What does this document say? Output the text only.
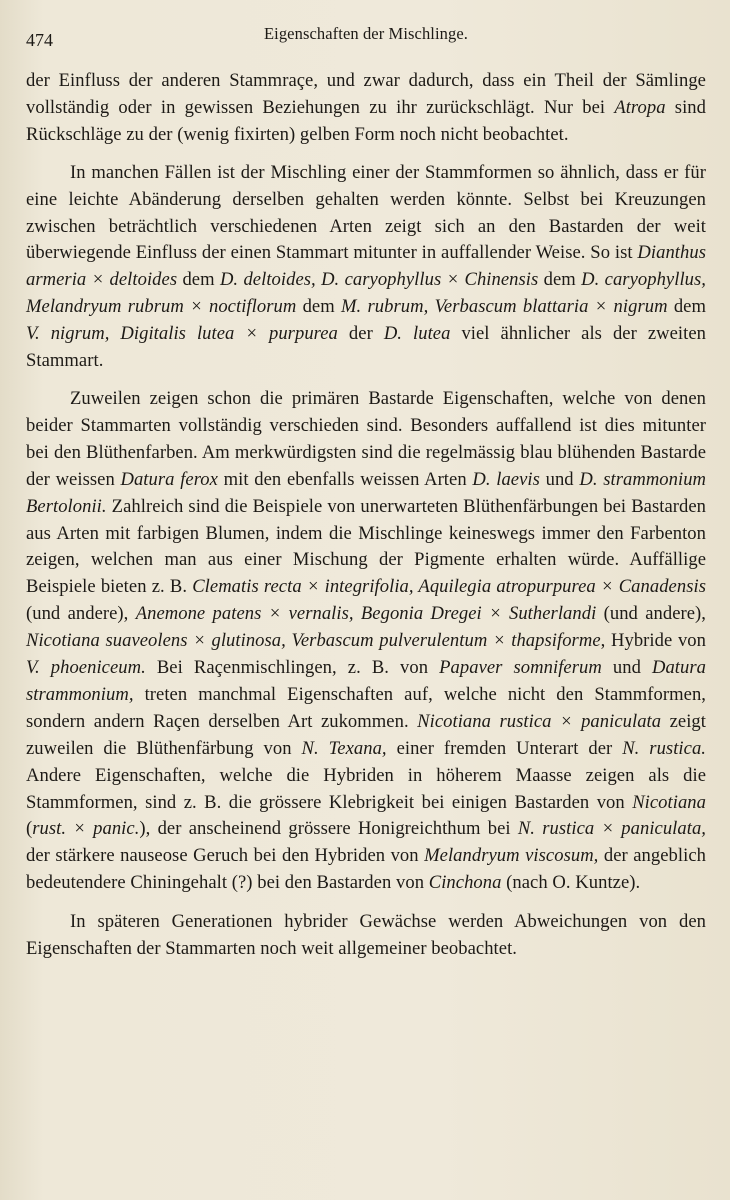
474	Eigenschaften der Mischlinge.

der Einfluss der anderen Stammraçe, und zwar dadurch, dass ein Theil der Sämlinge vollständig oder in gewissen Beziehungen zu ihr zurückschlägt. Nur bei Atropa sind Rückschläge zu der (wenig fixirten) gelben Form noch nicht beobachtet.

In manchen Fällen ist der Mischling einer der Stammformen so ähnlich, dass er für eine leichte Abänderung derselben gehalten werden könnte. Selbst bei Kreuzungen zwischen beträchtlich verschiedenen Arten zeigt sich an den Bastarden der weit überwiegende Einfluss der einen Stammart mitunter in auffallender Weise. So ist Dianthus armeria × deltoides dem D. deltoides, D. caryophyllus × Chinensis dem D. caryophyllus, Melandryum rubrum × noctiflorum dem M. rubrum, Verbascum blattaria × nigrum dem V. nigrum, Digitalis lutea × purpurea der D. lutea viel ähnlicher als der zweiten Stammart.

Zuweilen zeigen schon die primären Bastarde Eigenschaften, welche von denen beider Stammarten vollständig verschieden sind. Besonders auffallend ist dies mitunter bei den Blüthenfarben. Am merkwürdigsten sind die regelmässig blau blühenden Bastarde der weissen Datura ferox mit den ebenfalls weissen Arten D. laevis und D. strammonium Bertolonii. Zahlreich sind die Beispiele von unerwarteten Blüthenfärbungen bei Bastarden aus Arten mit farbigen Blumen, indem die Mischlinge keineswegs immer den Farbenton zeigen, welchen man aus einer Mischung der Pigmente erhalten würde. Auffällige Beispiele bieten z. B. Clematis recta × integrifolia, Aquilegia atropurpurea × Canadensis (und andere), Anemone patens × vernalis, Begonia Dregei × Sutherlandi (und andere), Nicotiana suaveolens × glutinosa, Verbascum pulverulentum × thapsiforme, Hybride von V. phoeniceum. Bei Raçenmischlingen, z. B. von Papaver somniferum und Datura strammonium, treten manchmal Eigenschaften auf, welche nicht den Stammformen, sondern andern Raçen derselben Art zukommen. Nicotiana rustica × paniculata zeigt zuweilen die Blüthenfärbung von N. Texana, einer fremden Unterart der N. rustica. Andere Eigenschaften, welche die Hybriden in höherem Maasse zeigen als die Stammformen, sind z. B. die grössere Klebrigkeit bei einigen Bastarden von Nicotiana (rust. × panic.), der anscheinend grössere Honigreichthum bei N. rustica × paniculata, der stärkere nauseose Geruch bei den Hybriden von Melandryum viscosum, der angeblich bedeutendere Chiningehalt (?) bei den Bastarden von Cinchona (nach O. Kuntze).

In späteren Generationen hybrider Gewächse werden Abweichungen von den Eigenschaften der Stammarten noch weit allgemeiner beobachtet.
